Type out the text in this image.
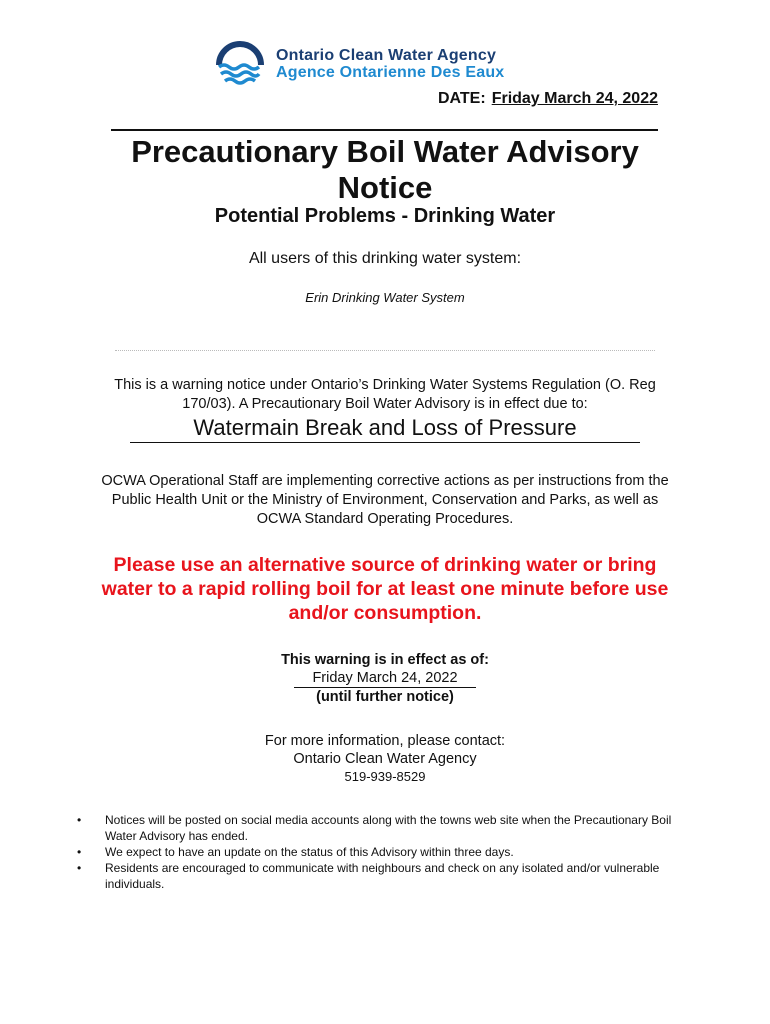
Ontario Clean Water Agency
Agence Ontarienne Des Eaux
DATE: Friday March 24, 2022
Precautionary Boil Water Advisory
Notice
Potential Problems - Drinking Water
All users of this drinking water system:
Erin Drinking Water System
This is a warning notice under Ontario’s Drinking Water Systems Regulation (O. Reg 170/03). A Precautionary Boil Water Advisory is in effect due to:
Watermain Break and Loss of Pressure
OCWA Operational Staff are implementing corrective actions as per instructions from the Public Health Unit or the Ministry of Environment, Conservation and Parks, as well as OCWA Standard Operating Procedures.
Please use an alternative source of drinking water or bring water to a rapid rolling boil for at least one minute before use and/or consumption.
This warning is in effect as of:
Friday March 24, 2022
(until further notice)
For more information, please contact:
Ontario Clean Water Agency
519-939-8529
• Notices will be posted on social media accounts along with the towns web site when the Precautionary Boil Water Advisory has ended.
• We expect to have an update on the status of this Advisory within three days.
• Residents are encouraged to communicate with neighbours and check on any isolated and/or vulnerable individuals.
